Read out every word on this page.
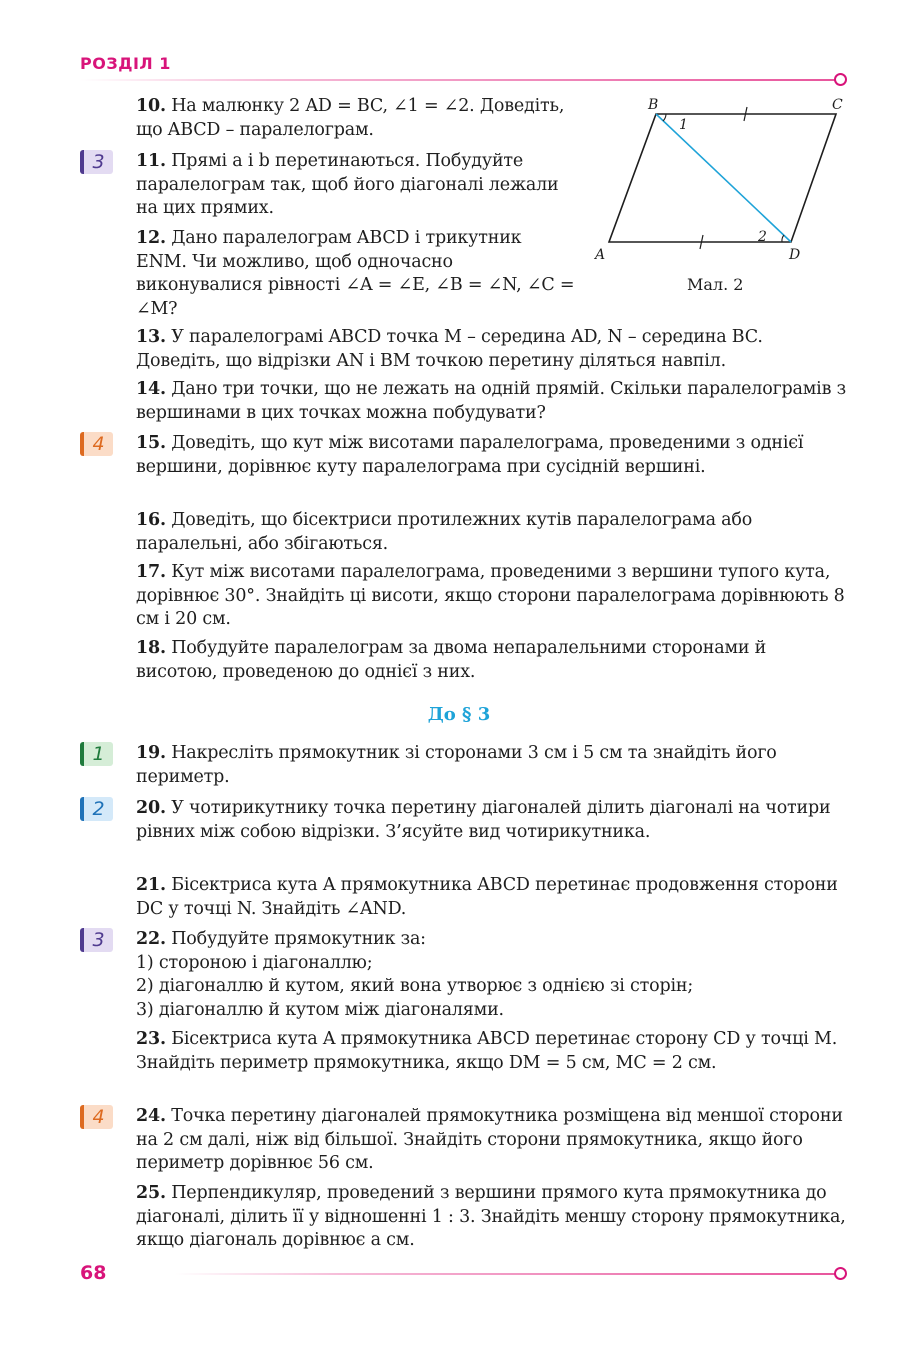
РОЗДІЛ 1
B	C
A	D
1
2
Мал. 2
10. На малюнку 2 AD = BC, ∠1 = ∠2. Доведіть, що ABCD – паралелограм.
3	11. Прямі a і b перетинаються. Побудуйте паралелограм так, щоб його діагоналі лежали на цих прямих.
12. Дано паралелограм ABCD і трикутник ENM. Чи можливо, щоб одночасно виконувалися рівності ∠A = ∠E, ∠B = ∠N, ∠C = ∠M?
13. У паралелограмі ABCD точка M – середина AD, N – середина BC. Доведіть, що відрізки AN і BM точкою перетину діляться навпіл.
14. Дано три точки, що не лежать на одній прямій. Скільки паралелограмів з вершинами в цих точках можна побудувати?
4	15. Доведіть, що кут між висотами паралелограма, проведеними з однієї вершини, дорівнює куту паралелограма при сусідній вершині.
16. Доведіть, що бісектриси протилежних кутів паралелограма або паралельні, або збігаються.
17. Кут між висотами паралелограма, проведеними з вершини тупого кута, дорівнює 30°. Знайдіть ці висоти, якщо сторони паралелограма дорівнюють 8 см і 20 см.
18. Побудуйте паралелограм за двома непаралельними сторонами й висотою, проведеною до однієї з них.
До § 3
1	19. Накресліть прямокутник зі сторонами 3 см і 5 см та знайдіть його периметр.
2	20. У чотирикутнику точка перетину діагоналей ділить діагоналі на чотири рівних між собою відрізки. З’ясуйте вид чотирикутника.
21. Бісектриса кута A прямокутника ABCD перетинає продовження сторони DC у точці N. Знайдіть ∠AND.
3	22. Побудуйте прямокутник за:
1) стороною і діагоналлю;
2) діагоналлю й кутом, який вона утворює з однією зі сторін;
3) діагоналлю й кутом між діагоналями.
23. Бісектриса кута A прямокутника ABCD перетинає сторону CD у точці M. Знайдіть периметр прямокутника, якщо DM = 5 см, MC = 2 см.
4	24. Точка перетину діагоналей прямокутника розміщена від меншої сторони на 2 см далі, ніж від більшої. Знайдіть сторони прямокутника, якщо його периметр дорівнює 56 см.
25. Перпендикуляр, проведений з вершини прямого кута прямокутника до діагоналі, ділить її у відношенні 1 : 3. Знайдіть меншу сторону прямокутника, якщо діагональ дорівнює a см.
68
